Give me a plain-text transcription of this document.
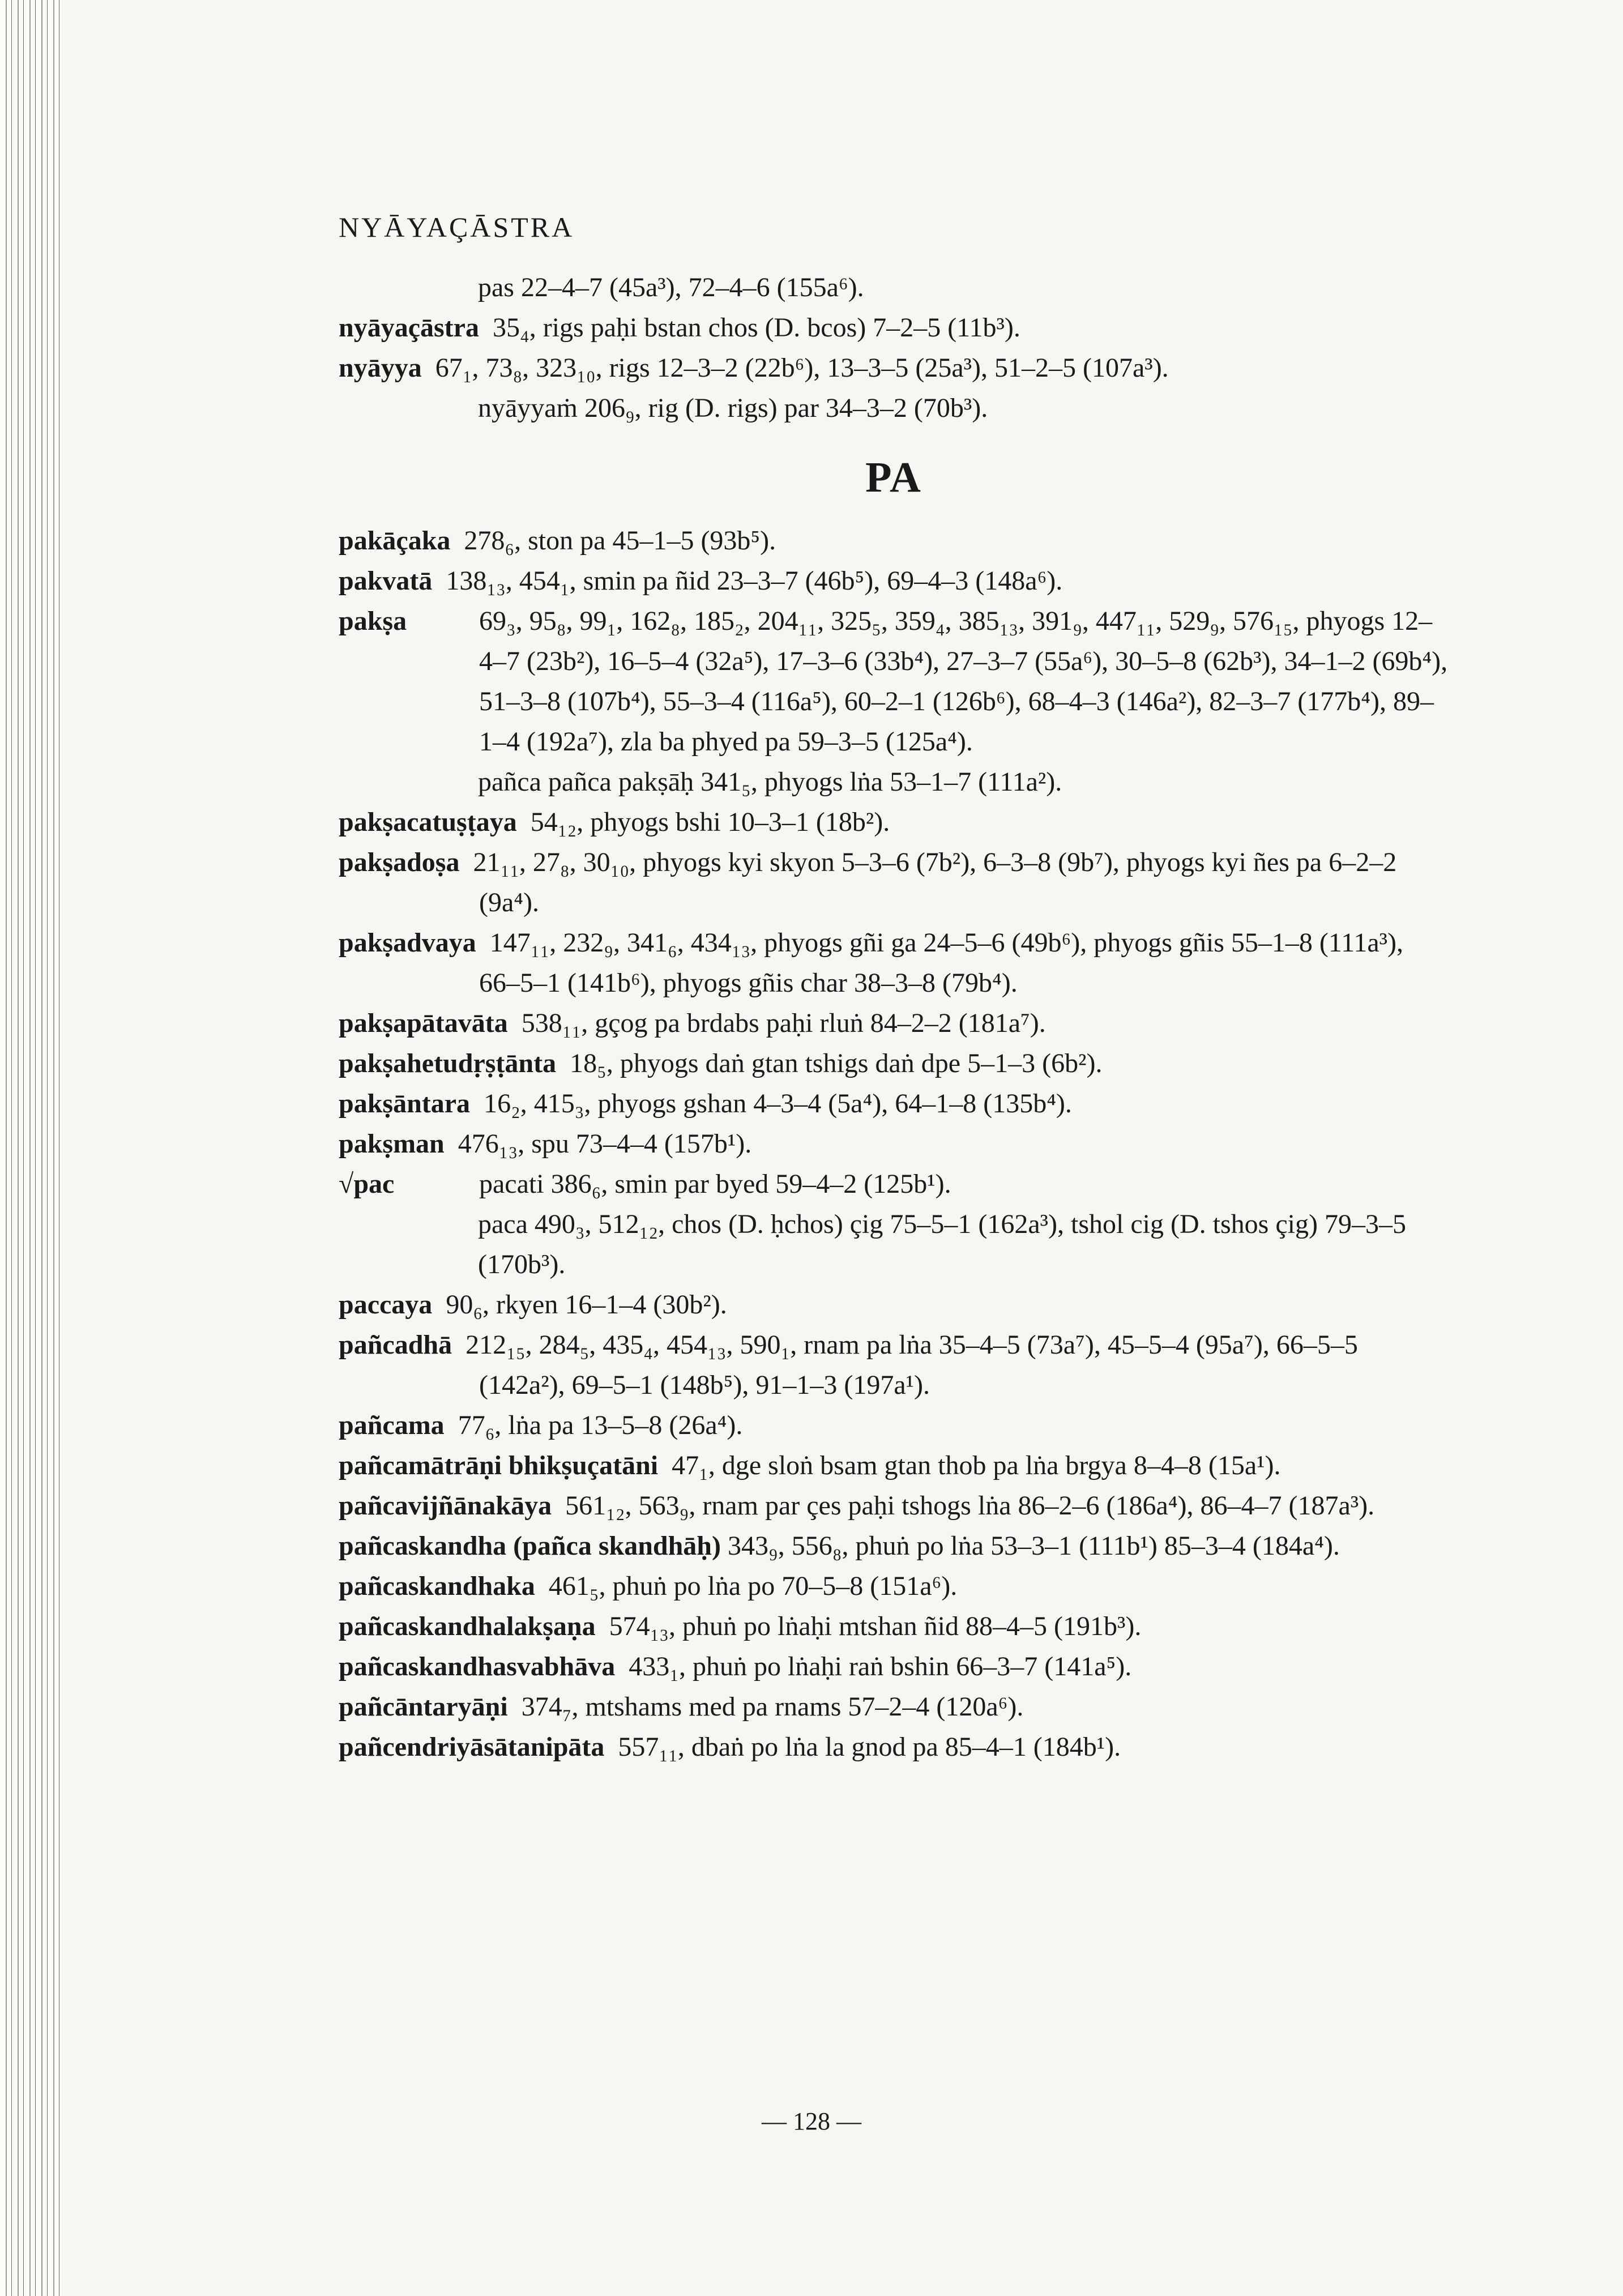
NYĀYAÇĀSTRA
pas 22–4–7 (45a³), 72–4–6 (155a⁶).
nyāyaçāstra
35₄, rigs paḥi bstan chos (D. bcos) 7–2–5 (11b³).
nyāyya
67₁, 73₈, 323₁₀, rigs 12–3–2 (22b⁶), 13–3–5 (25a³), 51–2–5 (107a³).
nyāyyaṁ 206₉, rig (D. rigs) par 34–3–2 (70b³).
PA
pakāçaka
278₆, ston pa 45–1–5 (93b⁵).
pakvatā
138₁₃, 454₁, smin pa ñid 23–3–7 (46b⁵), 69–4–3 (148a⁶).
pakṣa	69₃, 95₈, 99₁, 162₈, 185₂, 204₁₁, 325₅, 359₄, 385₁₃, 391₉, 447₁₁, 529₉, 576₁₅, phyogs 12–4–7 (23b²), 16–5–4 (32a⁵), 17–3–6 (33b⁴), 27–3–7 (55a⁶), 30–5–8 (62b³), 34–1–2 (69b⁴), 51–3–8 (107b⁴), 55–3–4 (116a⁵), 60–2–1 (126b⁶), 68–4–3 (146a²), 82–3–7 (177b⁴), 89–1–4 (192a⁷), zla ba phyed pa 59–3–5 (125a⁴).
pañca pañca pakṣāḥ 341₅, phyogs lṅa 53–1–7 (111a²).
pakṣacatuṣṭaya
54₁₂, phyogs bshi 10–3–1 (18b²).
pakṣadoṣa 21₁₁, 27₈, 30₁₀, phyogs kyi skyon 5–3–6 (7b²), 6–3–8 (9b⁷), phyogs kyi ñes pa 6–2–2 (9a⁴).
pakṣadvaya 147₁₁, 232₉, 341₆, 434₁₃, phyogs gñi ga 24–5–6 (49b⁶), phyogs gñis 55–1–8 (111a³), 66–5–1 (141b⁶), phyogs gñis char 38–3–8 (79b⁴).
pakṣapātavāta
538₁₁, gçog pa brdabs paḥi rluṅ 84–2–2 (181a⁷).
pakṣahetudṛṣṭānta
18₅, phyogs daṅ gtan tshigs daṅ dpe 5–1–3 (6b²).
pakṣāntara
16₂, 415₃, phyogs gshan 4–3–4 (5a⁴), 64–1–8 (135b⁴).
pakṣman
476₁₃, spu 73–4–4 (157b¹).
√pac	pacati 386₆, smin par byed 59–4–2 (125b¹).
paca 490₃, 512₁₂, chos (D. ḥchos) çig 75–5–1 (162a³), tshol cig (D. tshos çig) 79–3–5 (170b³).
paccaya
90₆, rkyen 16–1–4 (30b²).
pañcadhā 212₁₅, 284₅, 435₄, 454₁₃, 590₁, rnam pa lṅa 35–4–5 (73a⁷), 45–5–4 (95a⁷), 66–5–5 (142a²), 69–5–1 (148b⁵), 91–1–3 (197a¹).
pañcama
77₆, lṅa pa 13–5–8 (26a⁴).
pañcamātrāṇi bhikṣuçatāni 47₁, dge sloṅ bsam gtan thob pa lṅa brgya 8–4–8 (15a¹).
pañcavijñānakāya 561₁₂, 563₉, rnam par çes paḥi tshogs lṅa 86–2–6 (186a⁴), 86–4–7 (187a³).
pañcaskandha (pañca skandhāḥ) 343₉, 556₈, phuṅ po lṅa 53–3–1 (111b¹) 85–3–4 (184a⁴).
pañcaskandhaka
461₅, phuṅ po lṅa po 70–5–8 (151a⁶).
pañcaskandhalakṣaṇa
574₁₃, phuṅ po lṅaḥi mtshan ñid 88–4–5 (191b³).
pañcaskandhasvabhāva
433₁, phuṅ po lṅaḥi raṅ bshin 66–3–7 (141a⁵).
pañcāntaryāṇi
374₇, mtshams med pa rnams 57–2–4 (120a⁶).
pañcendriyāsātanipāta
557₁₁, dbaṅ po lṅa la gnod pa 85–4–1 (184b¹).
— 128 —
